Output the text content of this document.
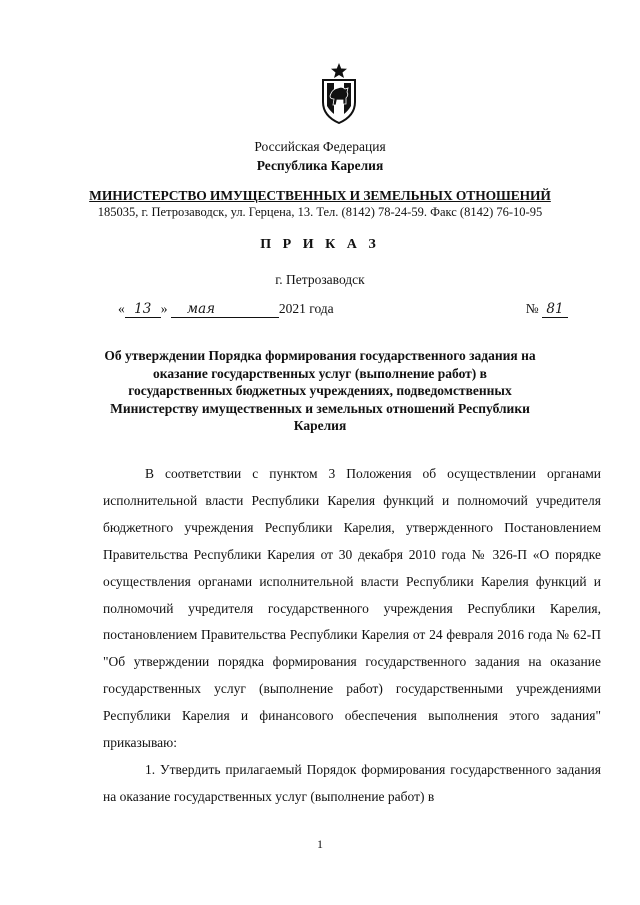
Российская Федерация
Республика Карелия
МИНИСТЕРСТВО ИМУЩЕСТВЕННЫХ И ЗЕМЕЛЬНЫХ ОТНОШЕНИЙ
185035, г. Петрозаводск, ул. Герцена, 13. Тел. (8142) 78-24-59. Факс (8142) 76-10-95
П Р И К А З
г. Петрозаводск
« 13 » мая	2021 года	№ 81
Об утверждении Порядка формирования государственного задания на оказание государственных услуг (выполнение работ) в государственных бюджетных учреждениях, подведомственных Министерству имущественных и земельных отношений Республики Карелия

В соответствии с пунктом 3 Положения об осуществлении органами исполнительной власти Республики Карелия функций и полномочий учредителя бюджетного учреждения Республики Карелия, утвержденного Постановлением Правительства Республики Карелия от 30 декабря 2010 года № 326-П «О порядке осуществления органами исполнительной власти Республики Карелия функций и полномочий учредителя государственного учреждения Республики Карелия, постановлением Правительства Республики Карелия от 24 февраля 2016 года № 62-П "Об утверждении порядка формирования государственного задания на оказание государственных услуг (выполнение работ) государственными учреждениями Республики Карелия и финансового обеспечения выполнения этого задания" приказываю:

1. Утвердить прилагаемый Порядок формирования государственного задания на оказание государственных услуг (выполнение работ) в

1
